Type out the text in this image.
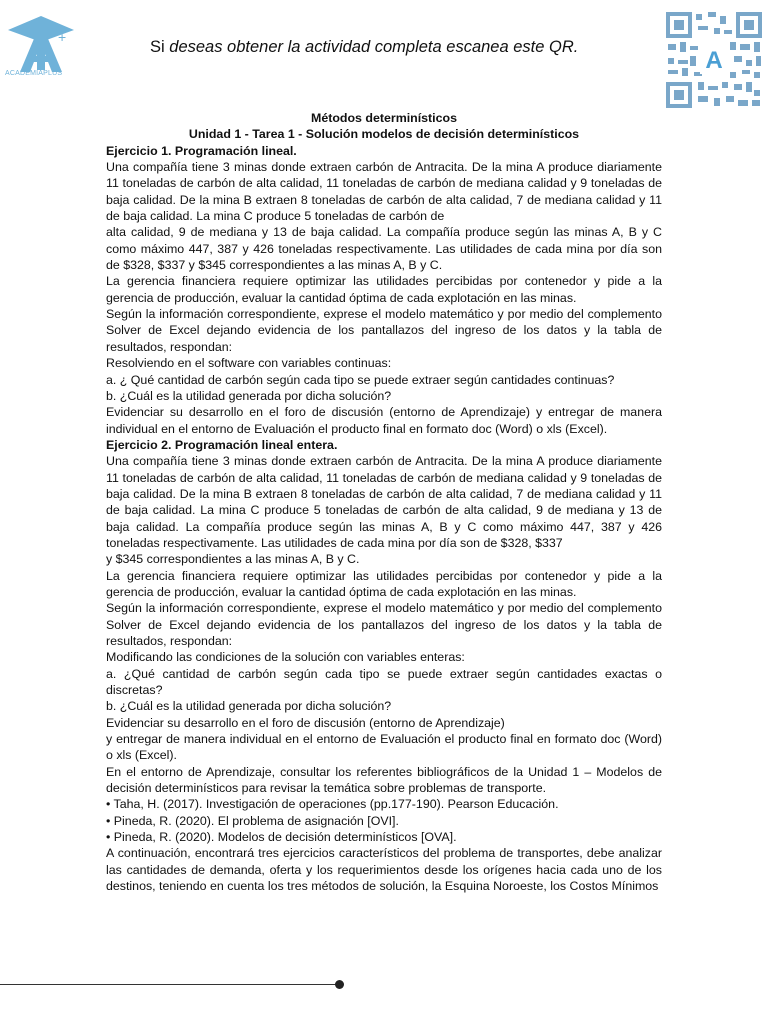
+
ACADEMIAPLUS
Si deseas obtener la actividad completa escanea este QR.	A

Métodos determinísticos

Unidad 1 - Tarea 1 - Solución modelos de decisión determinísticos

Ejercicio 1. Programación lineal.

Una compañía tiene 3 minas donde extraen carbón de Antracita. De la mina A produce diariamente 11 toneladas de carbón de alta calidad, 11 toneladas de carbón de mediana calidad y 9 toneladas de baja calidad. De la mina B extraen 8 toneladas de carbón de alta calidad, 7 de mediana calidad y 11 de baja calidad. La mina C produce 5 toneladas de carbón de

alta calidad, 9 de mediana y 13 de baja calidad. La compañía produce según las minas A, B y C como máximo 447, 387 y 426 toneladas respectivamente. Las utilidades de cada mina por día son de $328, $337 y $345 correspondientes a las minas A, B y C.

La gerencia financiera requiere optimizar las utilidades percibidas por contenedor y pide a la gerencia de producción, evaluar la cantidad óptima de cada explotación en las minas.

Según la información correspondiente, exprese el modelo matemático y por medio del complemento Solver de Excel dejando evidencia de los pantallazos del ingreso de los datos y la tabla de resultados, respondan:

Resolviendo en el software con variables continuas:

a. ¿ Qué cantidad de carbón según cada tipo se puede extraer según cantidades continuas?

b. ¿Cuál es la utilidad generada por dicha solución?

Evidenciar su desarrollo en el foro de discusión (entorno de Aprendizaje) y entregar de manera individual en el entorno de Evaluación el producto final en formato doc (Word) o xls (Excel).

Ejercicio 2. Programación lineal entera.

Una compañía tiene 3 minas donde extraen carbón de Antracita. De la mina A produce diariamente 11 toneladas de carbón de alta calidad, 11 toneladas de carbón de mediana calidad y 9 toneladas de baja calidad. De la mina B extraen 8 toneladas de carbón de alta calidad, 7 de mediana calidad y 11 de baja calidad. La mina C produce 5 toneladas de carbón de alta calidad, 9 de mediana y 13 de baja calidad. La compañía produce según las minas A, B y C como máximo 447, 387 y 426 toneladas respectivamente. Las utilidades de cada mina por día son de $328, $337

y $345 correspondientes a las minas A, B y C.

La gerencia financiera requiere optimizar las utilidades percibidas por contenedor y pide a la gerencia de producción, evaluar la cantidad óptima de cada explotación en las minas.

Según la información correspondiente, exprese el modelo matemático y por medio del complemento Solver de Excel dejando evidencia de los pantallazos del ingreso de los datos y la tabla de resultados, respondan:

Modificando las condiciones de la solución con variables enteras:

a. ¿Qué cantidad de carbón según cada tipo se puede extraer según cantidades exactas o discretas?

b. ¿Cuál es la utilidad generada por dicha solución?

Evidenciar su desarrollo en el foro de discusión (entorno de Aprendizaje)

y entregar de manera individual en el entorno de Evaluación el producto final en formato doc (Word) o xls (Excel).

En el entorno de Aprendizaje, consultar los referentes bibliográficos de la Unidad 1 – Modelos de decisión determinísticos para revisar la temática sobre problemas de transporte.

• Taha, H. (2017). Investigación de operaciones (pp.177-190). Pearson Educación.

• Pineda, R. (2020). El problema de asignación [OVI].

• Pineda, R. (2020). Modelos de decisión determinísticos [OVA].

A continuación, encontrará tres ejercicios característicos del problema de transportes, debe analizar las cantidades de demanda, oferta y los requerimientos desde los orígenes hacia cada uno de los destinos, teniendo en cuenta los tres métodos de solución, la Esquina Noroeste, los Costos Mínimos
